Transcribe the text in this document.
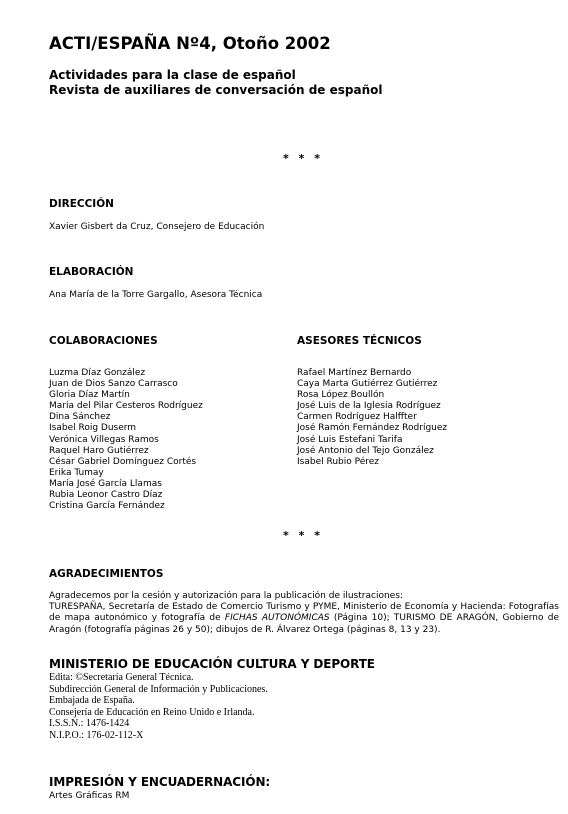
ACTI/ESPAÑA Nº4, Otoño 2002
Actividades para la clase de español
Revista de auxiliares de conversación de español
* * *
DIRECCIÓN
Xavier Gisbert da Cruz, Consejero de Educación
ELABORACIÓN
Ana María de la Torre Gargallo, Asesora Técnica
COLABORACIONES
Luzma Díaz González
Juan de Dios Sanzo Carrasco
Gloria Díaz Martín
María del Pilar Cesteros Rodríguez
Dina Sánchez
Isabel Roig Duserm
Verónica Villegas Ramos
Raquel Haro Gutiérrez
César Gabriel Domínguez Cortés
Erika Tumay
María José García Llamas
Rubia Leonor Castro Díaz
Cristina García Fernández
ASESORES TÉCNICOS
Rafael Martínez Bernardo
Caya Marta Gutiérrez Gutiérrez
Rosa López Boullón
José Luis de la Iglesia Rodríguez
Carmen Rodríguez Halffter
José Ramón Fernández Rodríguez
José Luis Estefani Tarifa
José Antonio del Tejo González
Isabel Rubio Pérez
* * *
AGRADECIMIENTOS

Agradecemos por la cesión y autorización para la publicación de ilustraciones:

TURESPAÑA, Secretaría de Estado de Comercio Turismo y PYME, Ministerio de Economía y Hacienda: Fotografías de mapa autonómico y fotografía de FICHAS AUTONÓMICAS (Página 10); TURISMO DE ARAGÓN, Gobierno de Aragón (fotografía páginas 26 y 50); dibujos de R. Álvarez Ortega (páginas 8, 13 y 23).

MINISTERIO DE EDUCACIÓN CULTURA Y DEPORTE
Edita: ©Secretaría General Técnica.
Subdirección General de Información y Publicaciones.
Embajada de España.
Consejería de Educación en Reino Unido e Irlanda.
I.S.S.N.: 1476-1424
N.I.P.O.: 176-02-112-X
IMPRESIÓN Y ENCUADERNACIÓN:
Artes Gráficas RM
